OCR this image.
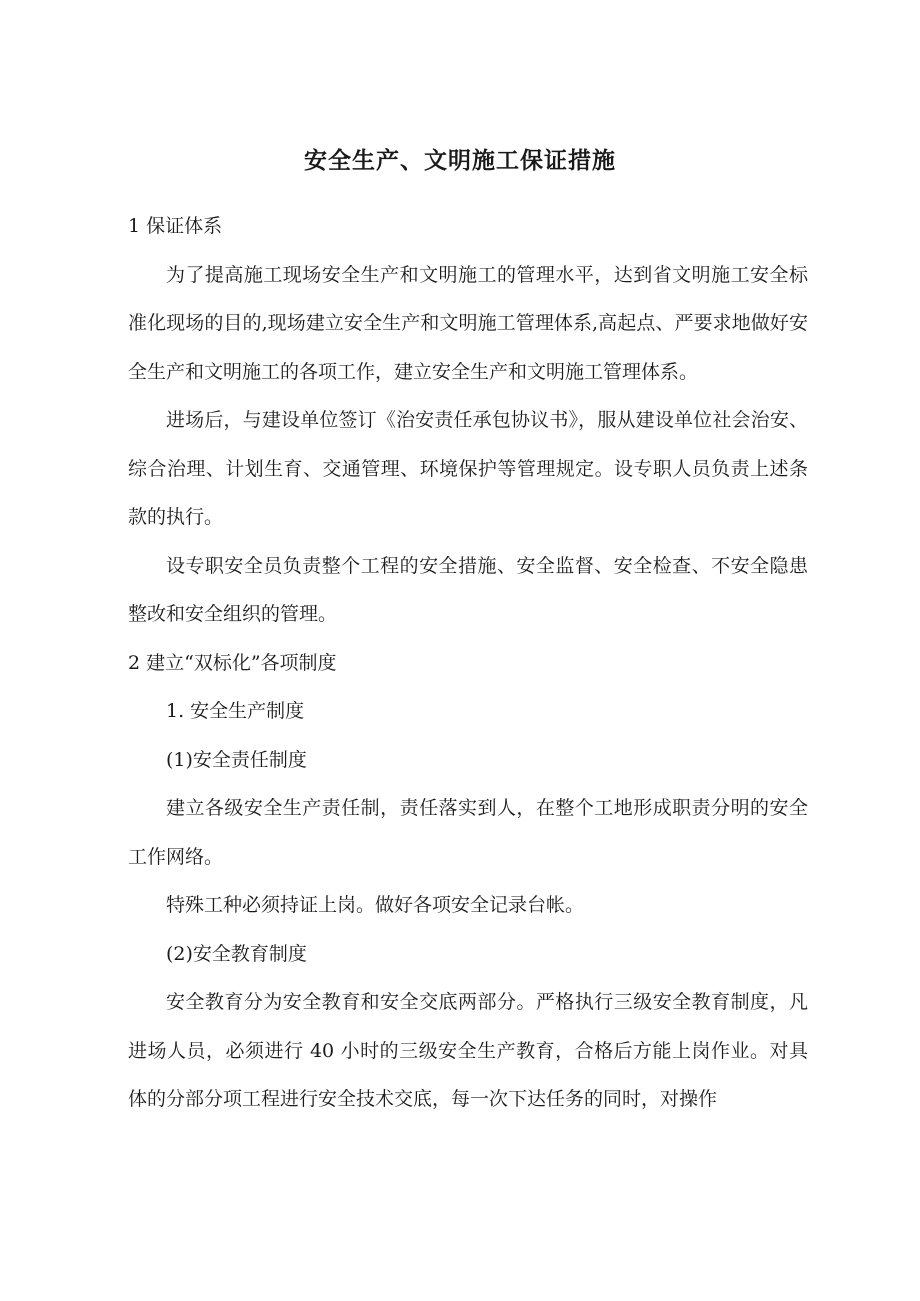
安全生产、文明施工保证措施

1 保证体系

为了提高施工现场安全生产和文明施工的管理水平，达到省文明施工安全标准化现场的目的,现场建立安全生产和文明施工管理体系,高起点、严要求地做好安全生产和文明施工的各项工作，建立安全生产和文明施工管理体系。

进场后，与建设单位签订《治安责任承包协议书》，服从建设单位社会治安、综合治理、计划生育、交通管理、环境保护等管理规定。设专职人员负责上述条款的执行。

设专职安全员负责整个工程的安全措施、安全监督、安全检查、不安全隐患整改和安全组织的管理。

2 建立“双标化”各项制度

1. 安全生产制度

(1)安全责任制度

建立各级安全生产责任制，责任落实到人，在整个工地形成职责分明的安全工作网络。

特殊工种必须持证上岗。做好各项安全记录台帐。

(2)安全教育制度

安全教育分为安全教育和安全交底两部分。严格执行三级安全教育制度，凡进场人员，必须进行 40 小时的三级安全生产教育，合格后方能上岗作业。对具体的分部分项工程进行安全技术交底，每一次下达任务的同时，对操作
